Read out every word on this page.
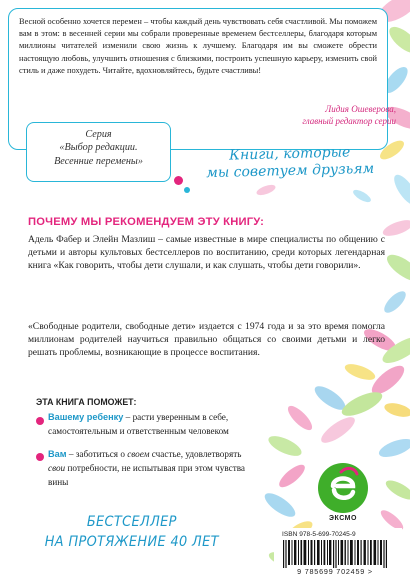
Весной особенно хочется перемен – чтобы каждый день чувствовать себя счастливой. Мы поможем вам в этом: в весенней серии мы собрали проверенные временем бестселлеры, благодаря которым миллионы читателей изменили свою жизнь к лучшему. Благодаря им вы сможете обрести настоящую любовь, улучшить отношения с близкими, построить успешную карьеру, изменить свой стиль и даже похудеть. Читайте, вдохновляйтесь, будьте счастливы!

Лидия Ошеверова,
главный редактор серии
Серия
«Выбор редакции.
Весенние перемены»	Книги, которые
мы советуем друзьям
ПОЧЕМУ МЫ РЕКОМЕНДУЕМ ЭТУ КНИГУ:

Адель Фабер и Элейн Мазлиш – самые известные в мире специалисты по общению с детьми и авторы культовых бестселлеров по воспитанию, среди которых легендарная книга «Как говорить, чтобы дети слушали, и как слушать, чтобы дети говорили».

«Свободные родители, свободные дети» издается с 1974 года и за это время помогла миллионам родителей научиться правильно общаться со своими детьми и легко решать проблемы, возникающие в процессе воспитания.

ЭТА КНИГА ПОМОЖЕТ:

Вашему ребенку – расти уверенным в себе, самостоятельным и ответственным человеком

Вам – заботиться о своем счастье, удовлетворять свои потребности, не испытывая при этом чувства вины

БЕСТСЕЛЛЕР
НА ПРОТЯЖЕНИЕ 40 ЛЕТ
ЭКСМО
ISBN 978-5-699-70245-9
9 785699 702459 >
